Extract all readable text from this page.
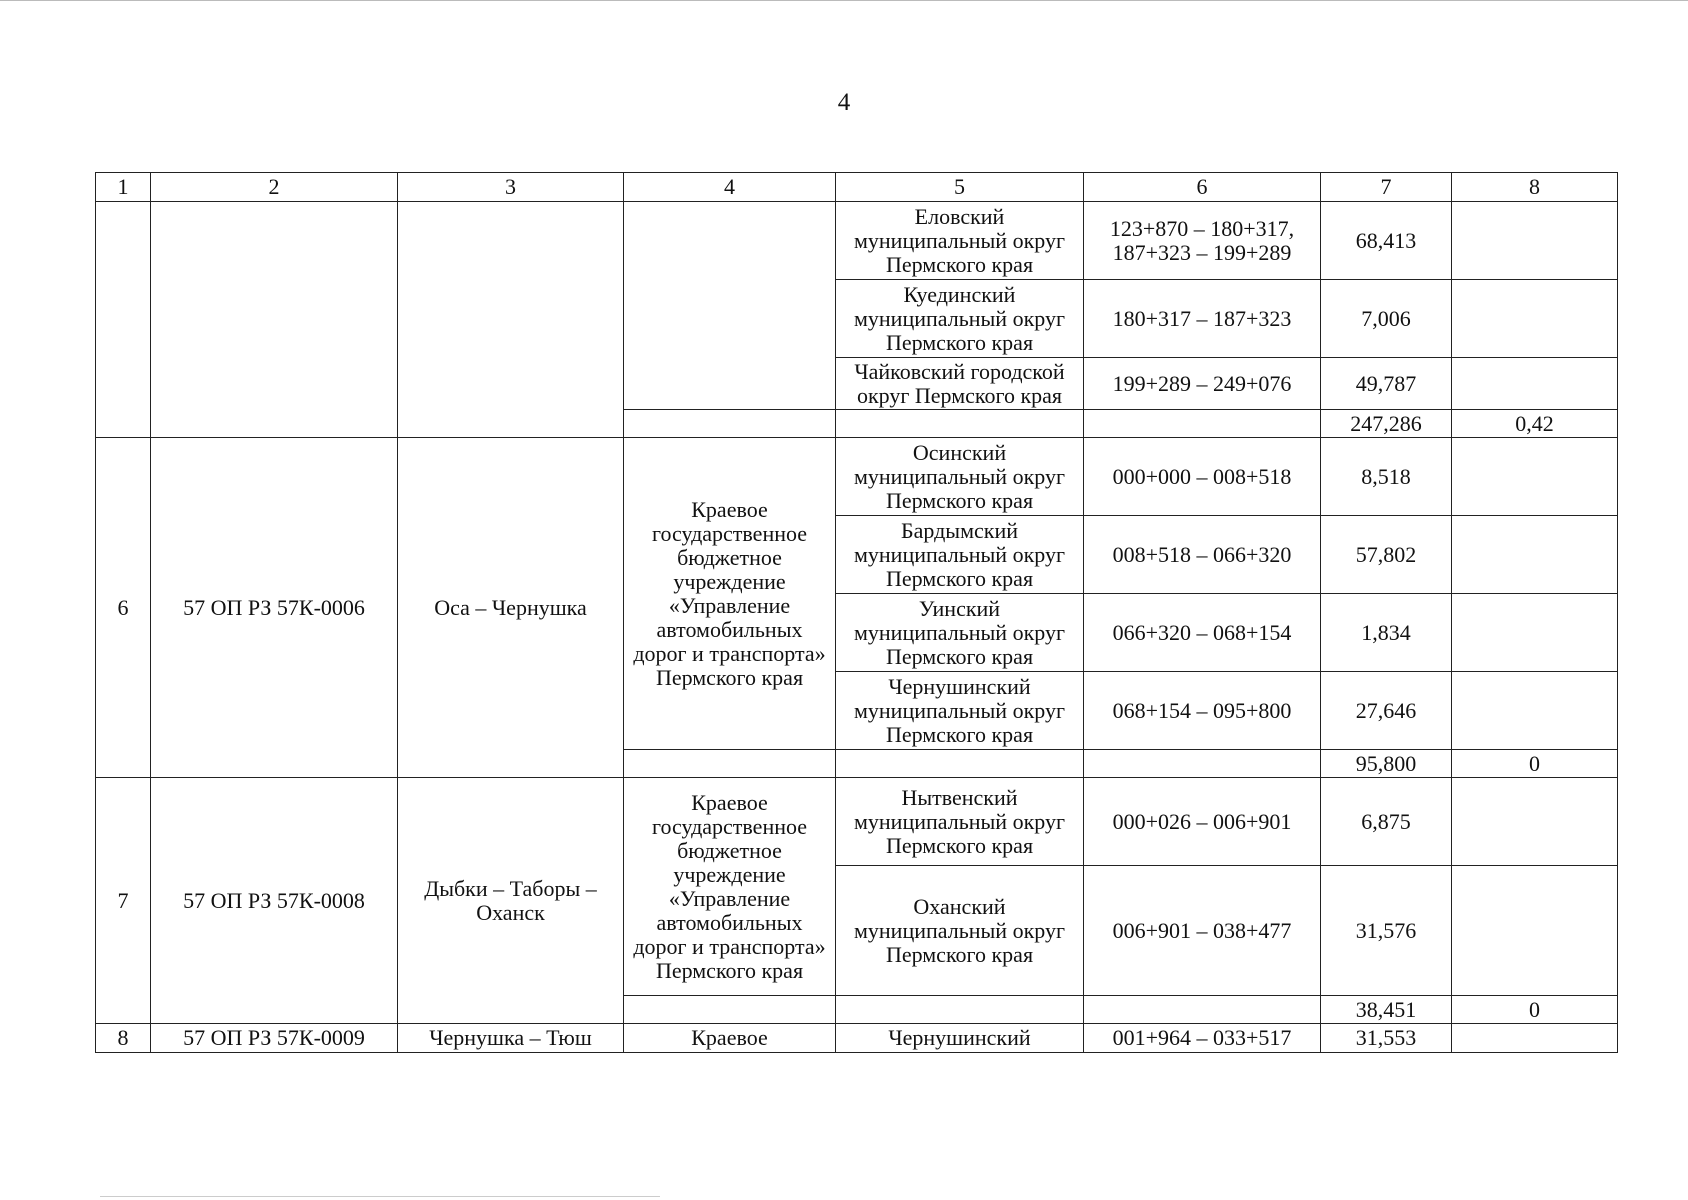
4
1	2	3	4	5	6	7	8
				Еловский муниципальный округ Пермского края	123+870 – 180+317, 187+323 – 199+289	68,413	
				Куединский муниципальный округ Пермского края	180+317 – 187+323	7,006	
				Чайковский городской округ Пермского края	199+289 – 249+076	49,787	
						247,286	0,42
6	57 ОП РЗ 57К-0006	Оса – Чернушка	Краевое государственное бюджетное учреждение «Управление автомобильных дорог и транспорта» Пермского края	Осинский муниципальный округ Пермского края	000+000 – 008+518	8,518	
				Бардымский муниципальный округ Пермского края	008+518 – 066+320	57,802	
				Уинский муниципальный округ Пермского края	066+320 – 068+154	1,834	
				Чернушинский муниципальный округ Пермского края	068+154 – 095+800	27,646	
						95,800	0
7	57 ОП РЗ 57К-0008	Дыбки – Таборы – Оханск	Краевое государственное бюджетное учреждение «Управление автомобильных дорог и транспорта» Пермского края	Нытвенский муниципальный округ Пермского края	000+026 – 006+901	6,875	
				Оханский муниципальный округ Пермского края	006+901 – 038+477	31,576	
						38,451	0
8	57 ОП РЗ 57К-0009	Чернушка – Тюш	Краевое	Чернушинский	001+964 – 033+517	31,553	
